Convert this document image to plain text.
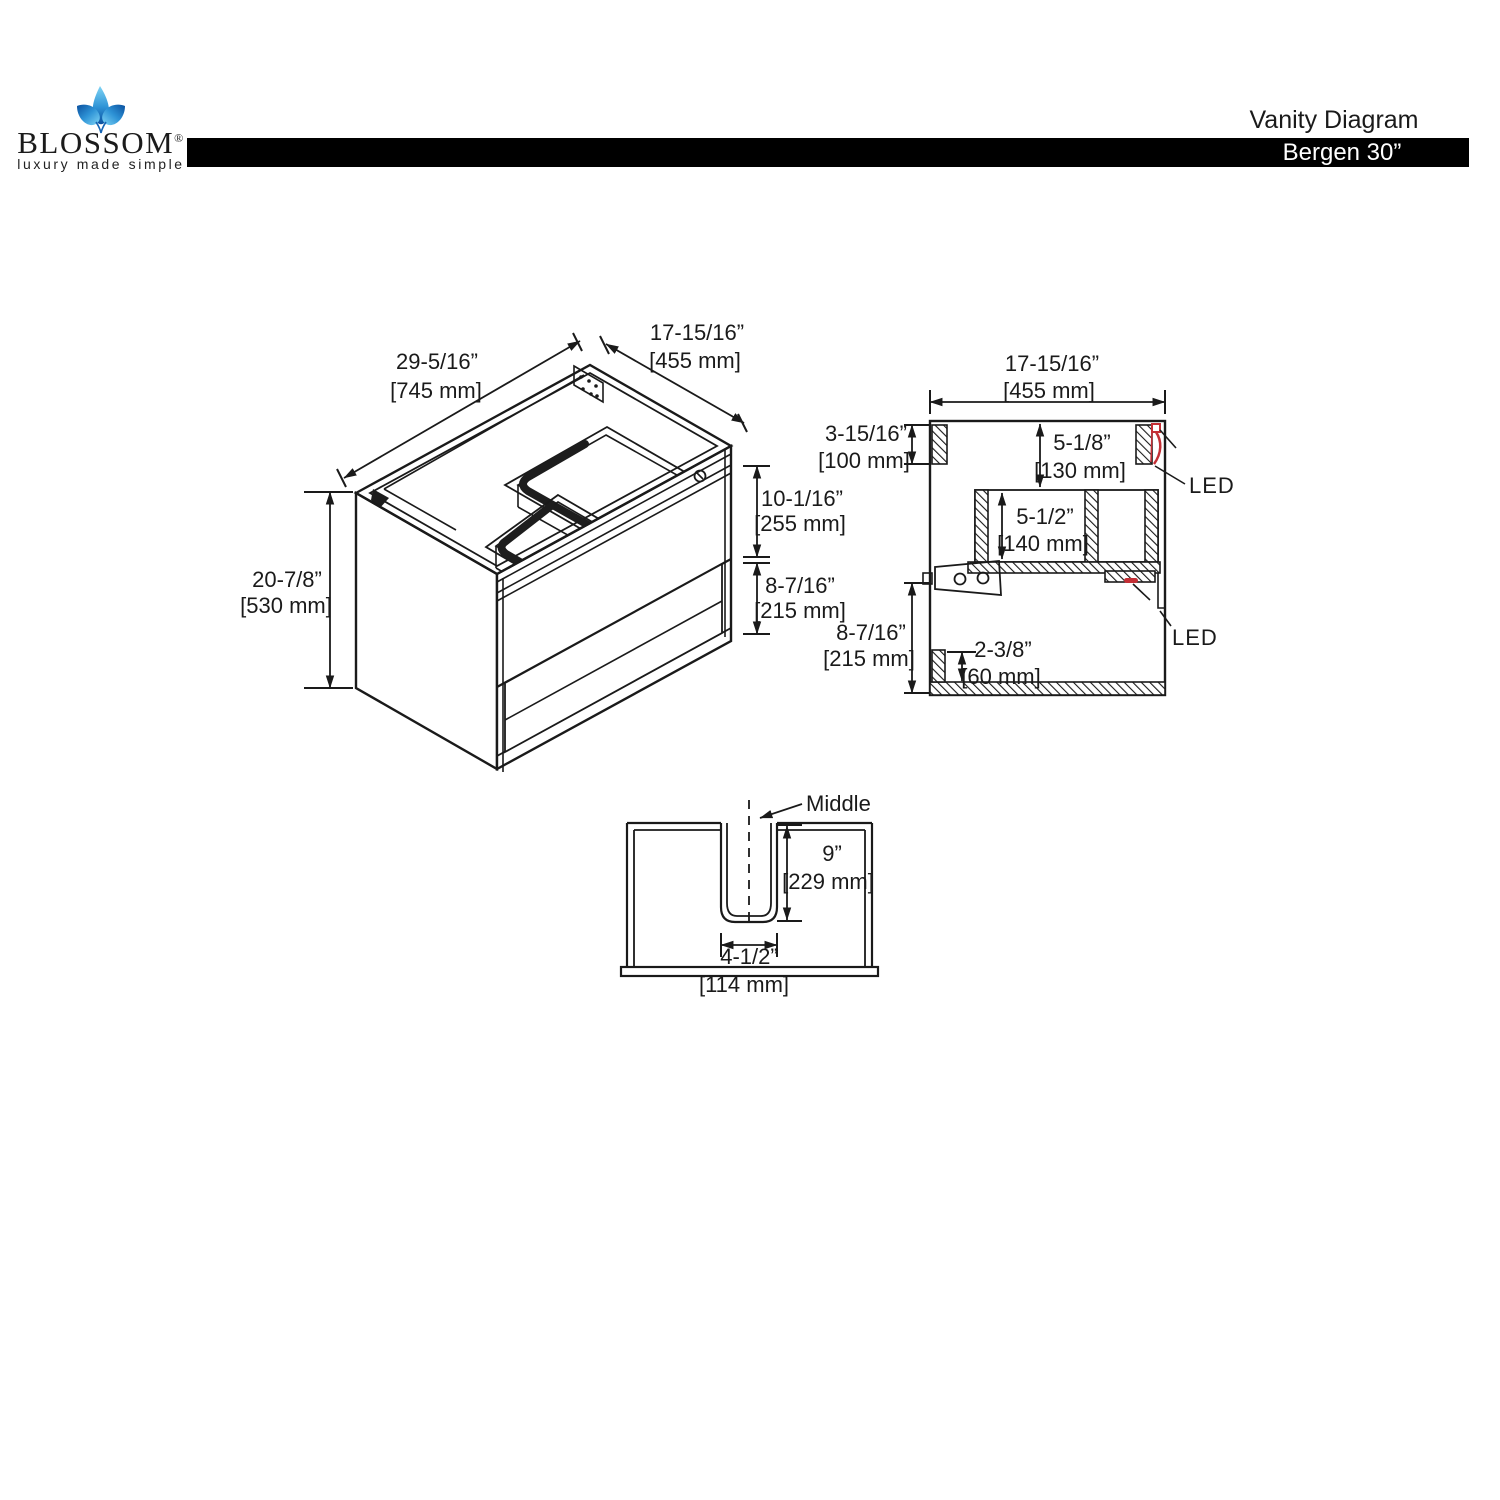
BLOSSOM®
luxury made simple
Vanity Diagram
Bergen 30”
29-5/16”
[745 mm]
17-15/16”
[455 mm]
20-7/8”
[530 mm]
10-1/16”
[255 mm]
8-7/16”
[215 mm]
LED
LED
17-15/16”
[455 mm]
3-15/16”
[100 mm]
5-1/8”
[130 mm]
5-1/2”
[140 mm]
8-7/16”
[215 mm]	2-3/8”
[60 mm]
Middle
9”
[229 mm]
4-1/2”
[114 mm]
